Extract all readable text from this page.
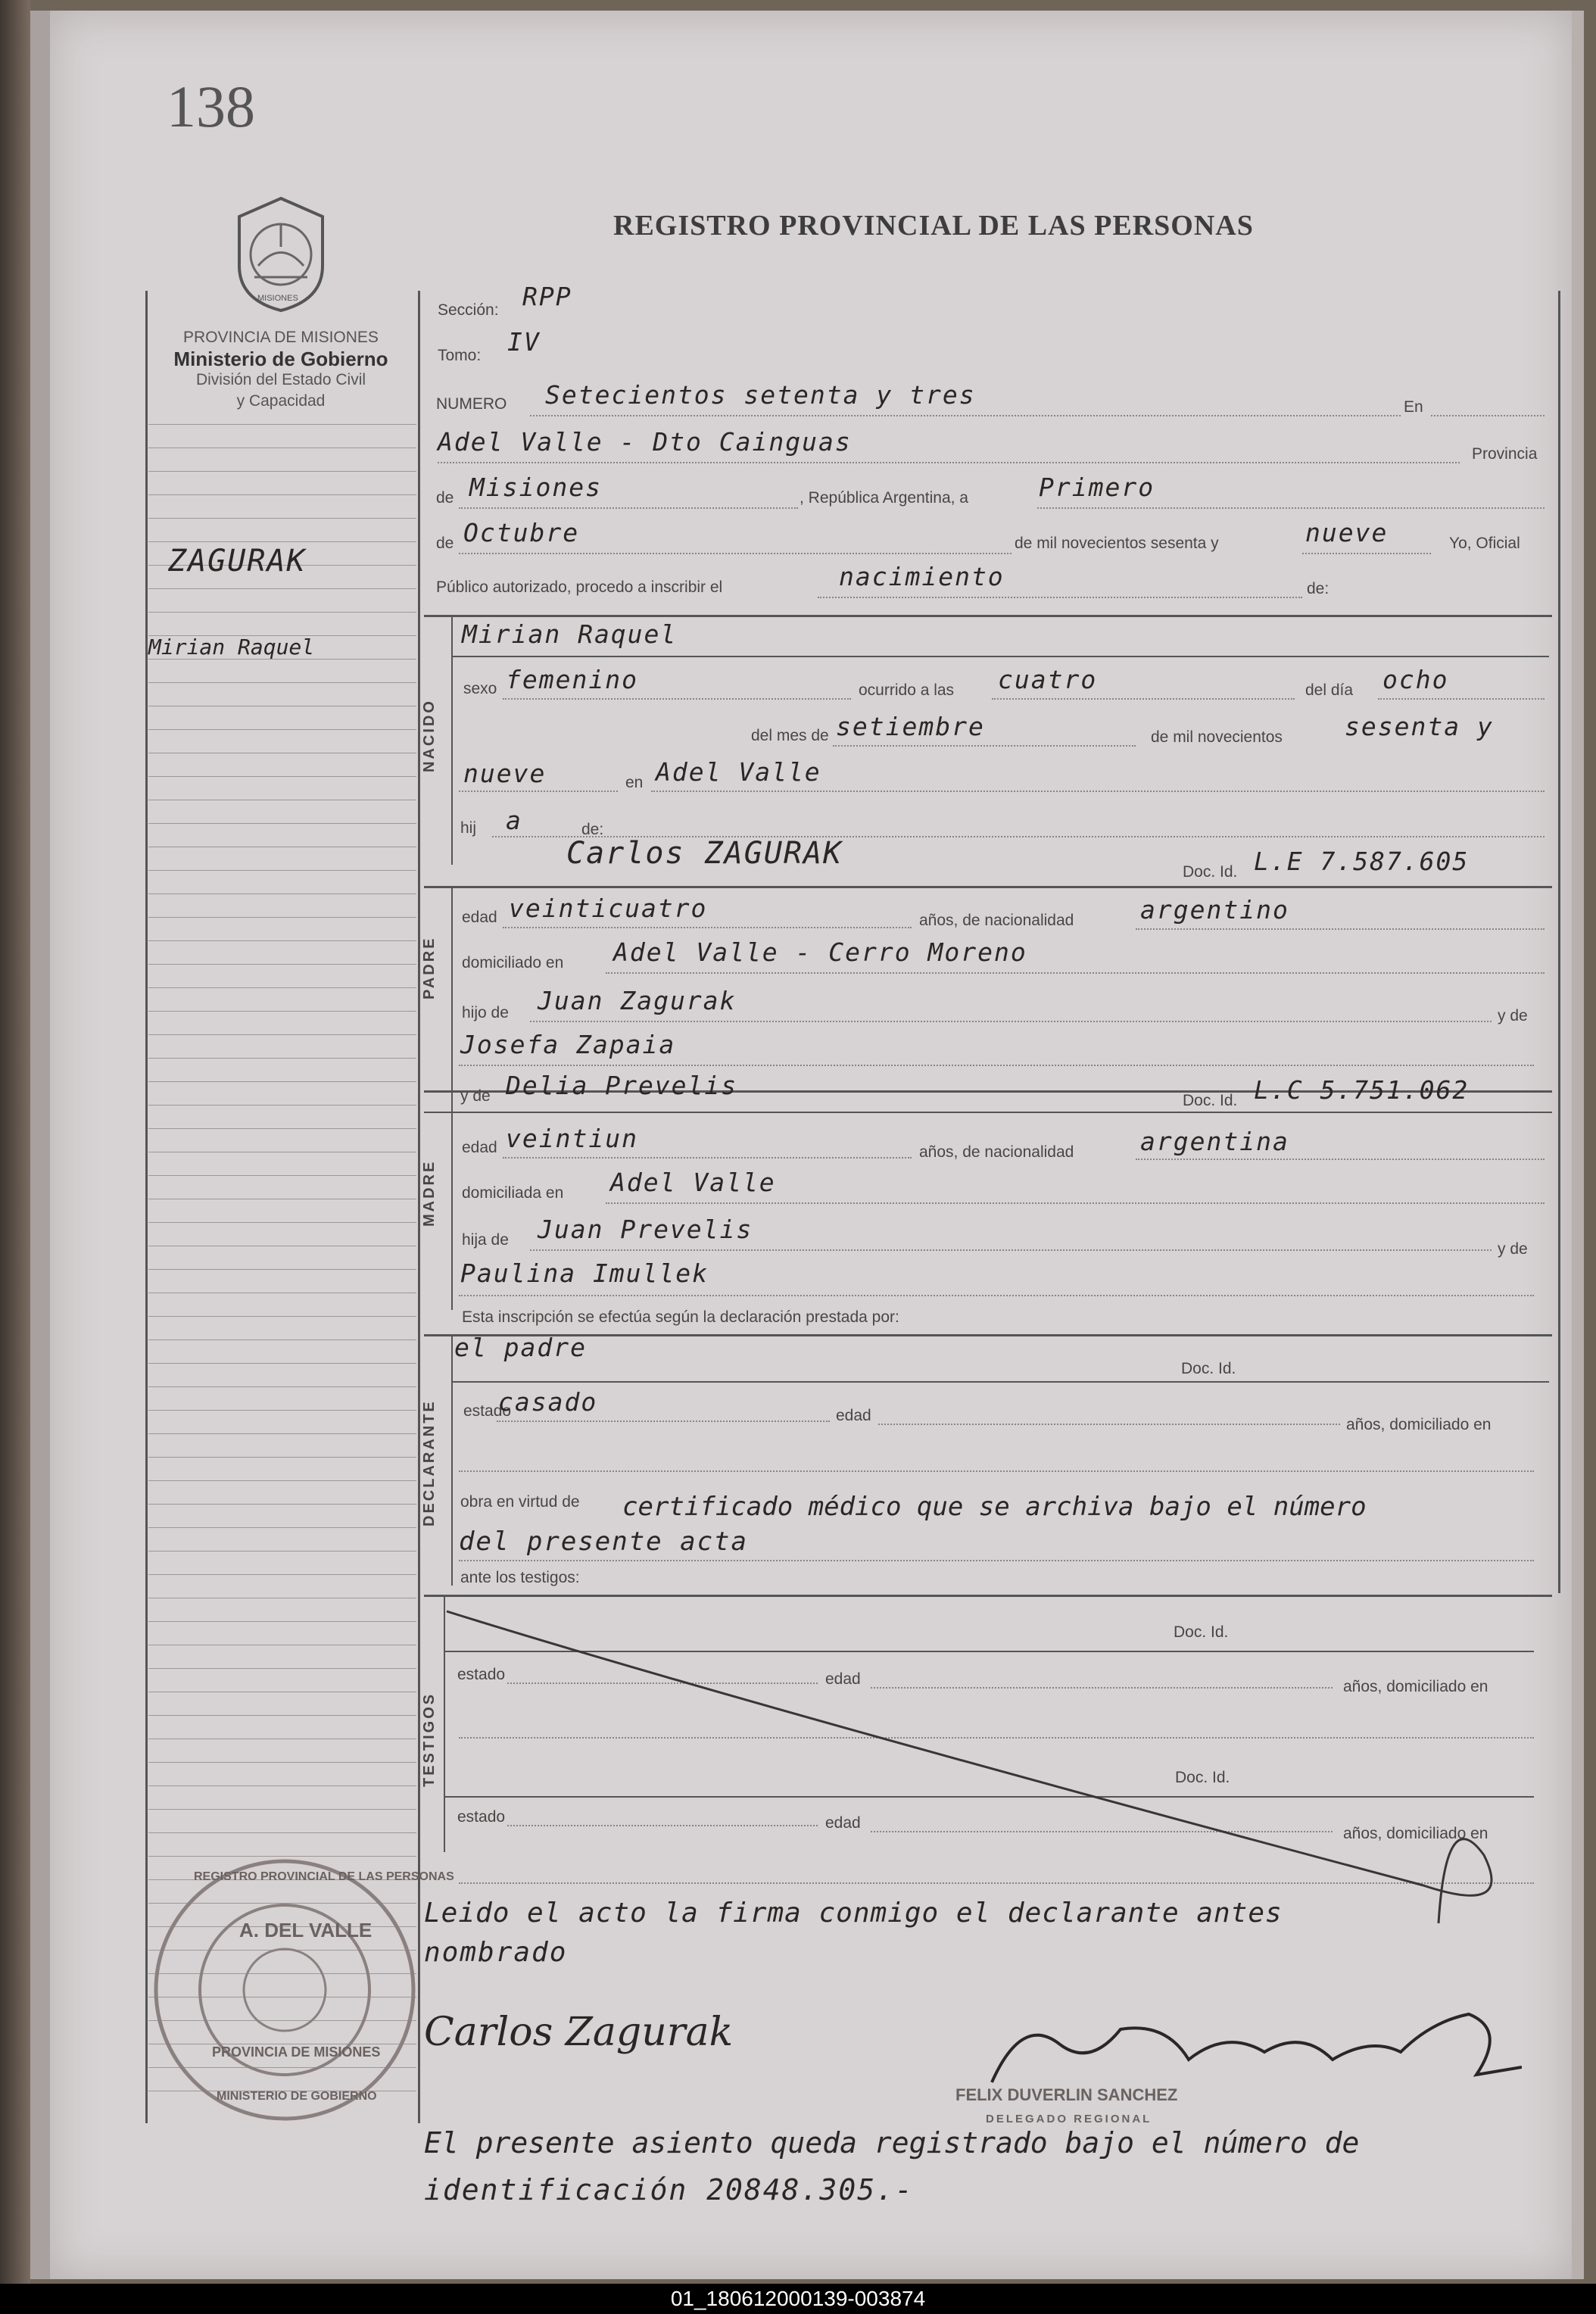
138
REGISTRO PROVINCIAL DE LAS PERSONAS
MISIONES
PROVINCIA DE MISIONES
Ministerio de Gobierno
División del Estado Civil
y Capacidad
ZAGURAK
Mirian Raquel
Sección: RPP
Tomo: IV
NUMERO Setecientos setenta y tres	En
Adel Valle - Dto Cainguas	Provincia
de Misiones	, República Argentina, a	Primero
de Octubre	de mil novecientos sesenta y	nueve	Yo, Oficial
Público autorizado, procedo a inscribir el	nacimiento	de:
NACIDO
Mirian Raquel
sexo femenino	ocurrido a las cuatro	del día ocho
del mes de setiembre	de mil novecientos sesenta y
nueve	en Adel Valle
hij a	de:
Carlos ZAGURAK
Doc. Id. L.E 7.587.605
PADRE
edad veinticuatro	años, de nacionalidad	argentino
domiciliado en Adel Valle - Cerro Moreno
hijo de Juan Zagurak
y de
Josefa Zapaia
y de Delia Prevelis
Doc. Id. L.C 5.751.062
MADRE
edad veintiun	años, de nacionalidad	argentina
domiciliada en Adel Valle
hija de Juan Prevelis
y de
Paulina Imullek
Esta inscripción se efectúa según la declaración prestada por:
DECLARANTE
el padre
Doc. Id.
estado
casado	edad
años, domiciliado en
obra en virtud de certificado médico que se archiva bajo el número
del presente acta
ante los testigos:
TESTIGOS
Doc. Id.
estado	edad	años, domiciliado en
Doc. Id.
estado	edad
años, domiciliado en
Leido el acto la firma conmigo el declarante antes
nombrado
Carlos Zagurak
FELIX DUVERLIN SANCHEZ
DELEGADO REGIONAL
El presente asiento queda registrado bajo el número de
identificación 20848.305.-
REGISTRO PROVINCIAL DE LAS PERSONAS
A. DEL VALLE
PROVINCIA DE MISIONES
MINISTERIO DE GOBIERNO
01_180612000139-003874
